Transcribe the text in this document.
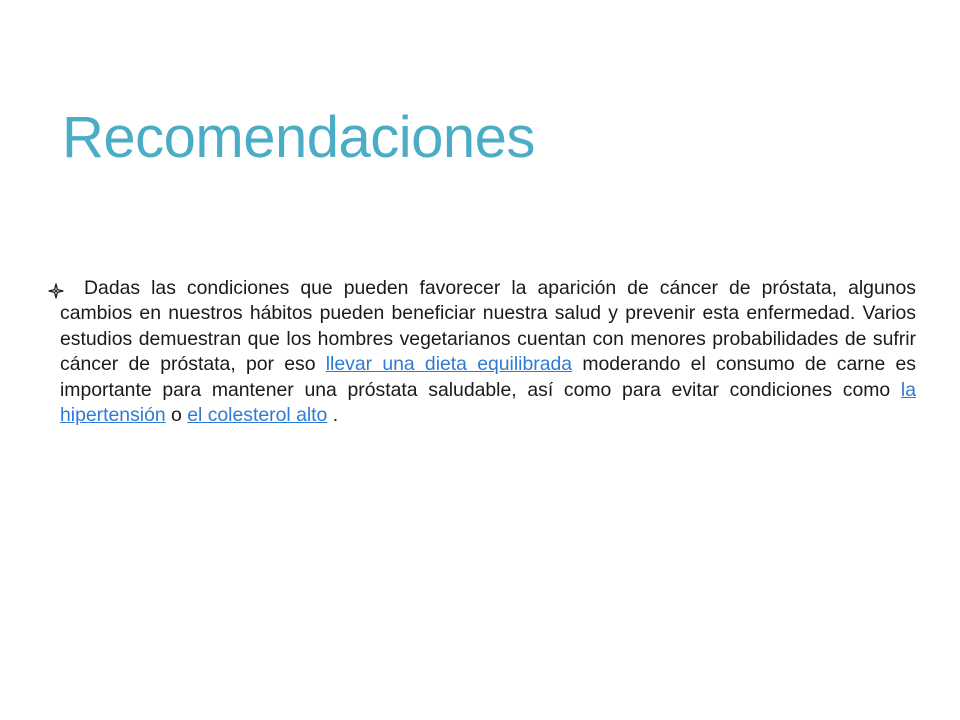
Recomendaciones

Dadas las condiciones que pueden favorecer la aparición de cáncer de próstata, algunos cambios en nuestros hábitos pueden beneficiar nuestra salud y prevenir esta enfermedad. Varios estudios demuestran que los hombres vegetarianos cuentan con menores probabilidades de sufrir cáncer de próstata, por eso llevar una dieta equilibrada moderando el consumo de carne es importante para mantener una próstata saludable, así como para evitar condiciones como la hipertensión o el colesterol alto .
